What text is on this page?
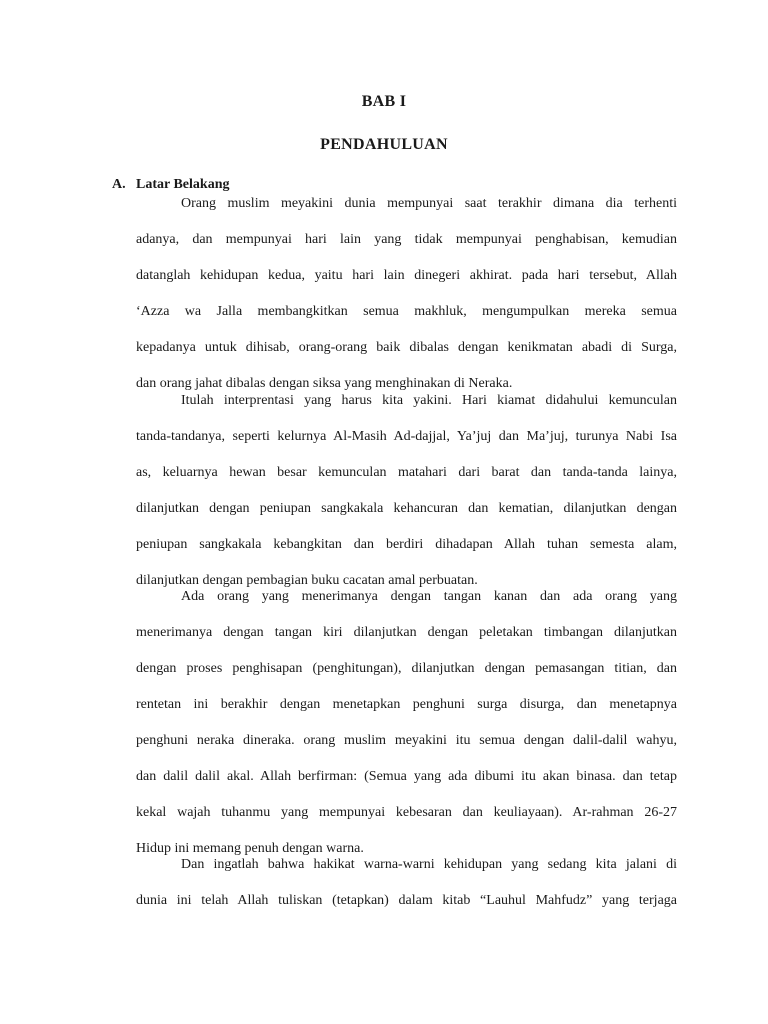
BAB I
PENDAHULUAN
A. Latar Belakang
Orang muslim meyakini dunia mempunyai saat terakhir dimana dia terhenti
adanya, dan mempunyai hari lain yang tidak mempunyai penghabisan, kemudian
datanglah kehidupan kedua, yaitu hari lain dinegeri akhirat. pada hari tersebut, Allah
‘Azza wa Jalla membangkitkan semua makhluk, mengumpulkan mereka semua
kepadanya untuk dihisab, orang-orang baik dibalas dengan kenikmatan abadi di Surga,
dan orang jahat dibalas dengan siksa yang menghinakan di Neraka.
Itulah interprentasi yang harus kita yakini. Hari kiamat didahului kemunculan
tanda-tandanya, seperti kelurnya Al-Masih Ad-dajjal, Ya’juj dan Ma’juj, turunya Nabi Isa
as, keluarnya hewan besar kemunculan matahari dari barat dan tanda-tanda lainya,
dilanjutkan dengan peniupan sangkakala kehancuran dan kematian, dilanjutkan dengan
peniupan sangkakala kebangkitan dan berdiri dihadapan Allah tuhan semesta alam,
dilanjutkan dengan pembagian buku cacatan amal perbuatan.
Ada orang yang menerimanya dengan tangan kanan dan ada orang yang
menerimanya dengan tangan kiri dilanjutkan dengan peletakan timbangan dilanjutkan
dengan proses penghisapan (penghitungan), dilanjutkan dengan pemasangan titian, dan
rentetan ini berakhir dengan menetapkan penghuni surga disurga, dan menetapnya
penghuni neraka dineraka. orang muslim meyakini itu semua dengan dalil-dalil wahyu,
dan dalil dalil akal. Allah berfirman: (Semua yang ada dibumi itu akan binasa. dan tetap
kekal wajah tuhanmu yang mempunyai kebesaran dan keuliayaan). Ar-rahman 26-27
Hidup ini memang penuh dengan warna.
Dan ingatlah bahwa hakikat warna-warni kehidupan yang sedang kita jalani di
dunia ini telah Allah tuliskan (tetapkan) dalam kitab “Lauhul Mahfudz” yang terjaga
